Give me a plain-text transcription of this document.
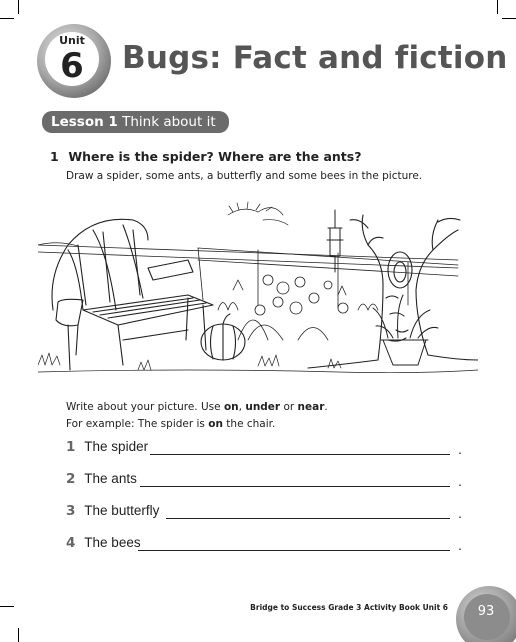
Unit
6 Bugs: Fact and fiction
Lesson 1 Think about it
1 Where is the spider? Where are the ants?
Draw a spider, some ants, a butterfly and some bees in the picture.
Write about your picture. Use on, under or near.
For example: The spider is on the chair.
1 The spider	.
2 The ants	.
3 The butterfly	.
4 The bees	.
Bridge to Success Grade 3 Activity Book Unit 6 93
